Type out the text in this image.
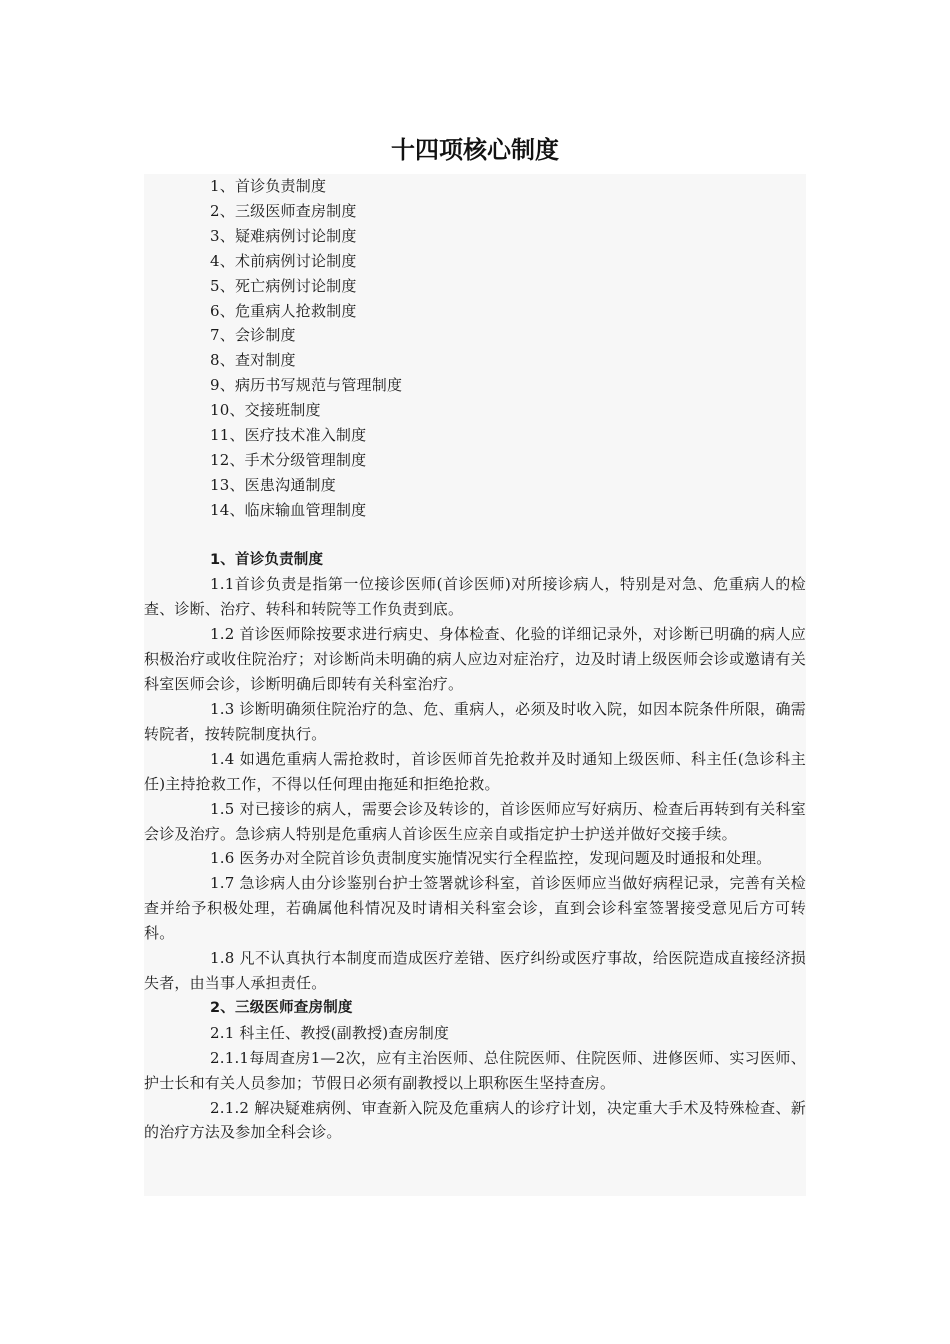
十四项核心制度
1、首诊负责制度
2、三级医师查房制度
3、疑难病例讨论制度
4、术前病例讨论制度
5、死亡病例讨论制度
6、危重病人抢救制度
7、会诊制度
8、查对制度
9、病历书写规范与管理制度
10、交接班制度
11、医疗技术准入制度
12、手术分级管理制度
13、医患沟通制度
14、临床输血管理制度
1、首诊负责制度
1.1首诊负责是指第一位接诊医师(首诊医师)对所接诊病人，特别是对急、危重病人的检查、诊断、治疗、转科和转院等工作负责到底。
1.2 首诊医师除按要求进行病史、身体检查、化验的详细记录外，对诊断已明确的病人应积极治疗或收住院治疗；对诊断尚未明确的病人应边对症治疗，边及时请上级医师会诊或邀请有关科室医师会诊，诊断明确后即转有关科室治疗。
1.3 诊断明确须住院治疗的急、危、重病人，必须及时收入院，如因本院条件所限，确需转院者，按转院制度执行。
1.4 如遇危重病人需抢救时，首诊医师首先抢救并及时通知上级医师、科主任(急诊科主任)主持抢救工作，不得以任何理由拖延和拒绝抢救。
1.5 对已接诊的病人，需要会诊及转诊的，首诊医师应写好病历、检查后再转到有关科室会诊及治疗。急诊病人特别是危重病人首诊医生应亲自或指定护士护送并做好交接手续。
1.6 医务办对全院首诊负责制度实施情况实行全程监控，发现问题及时通报和处理。
1.7 急诊病人由分诊鉴别台护士签署就诊科室，首诊医师应当做好病程记录，完善有关检查并给予积极处理，若确属他科情况及时请相关科室会诊，直到会诊科室签署接受意见后方可转科。
1.8 凡不认真执行本制度而造成医疗差错、医疗纠纷或医疗事故，给医院造成直接经济损失者，由当事人承担责任。
2、三级医师查房制度
2.1 科主任、教授(副教授)查房制度
2.1.1每周查房1—2次，应有主治医师、总住院医师、住院医师、进修医师、实习医师、护士长和有关人员参加；节假日必须有副教授以上职称医生坚持查房。
2.1.2 解决疑难病例、审查新入院及危重病人的诊疗计划，决定重大手术及特殊检查、新的治疗方法及参加全科会诊。
